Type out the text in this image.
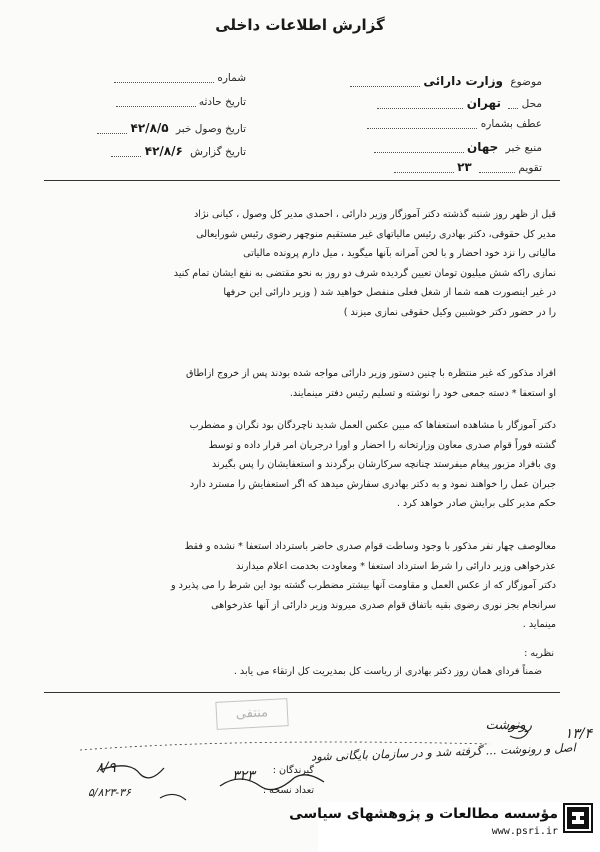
گزارش اطلاعات داخلی
موضوع وزارت دارائی
محل  تهران
عطف بشماره
منبع خبر جهان
تقویم  ۲۳
شماره
تاریخ حادثه
تاریخ وصول خبر ۴۲/۸/۵
تاریخ گزارش ۴۲/۸/۶

قبل از ظهر روز شنبه گذشته دکتر آموزگار وزیر دارائی ، احمدی مدیر کل وصول ، کیانی نژاد

مدیر کل حقوقی، دکتر بهادری رئیس مالیاتهای غیر مستقیم منوچهر رضوی رئیس شورایعالی

مالیاتی را نزد خود احضار و با لحن آمرانه بآنها میگوید ، میل دارم پرونده مالیاتی

نمازی راکه شش میلیون تومان تعیین گردیده شرف دو روز به نحو مقتضی به نفع ایشان تمام کنید

در غیر اینصورت همه شما از شغل فعلی منفصل خواهید شد ( وزیر دارائی این حرفها

را در حضور دکتر خوشبین وکیل حقوقی نمازی میزند )

افراد مذکور که غیر منتظره با چنین دستور وزیر دارائی مواجه شده بودند پس از خروج ازاطاق

او استعفا * دسته جمعی خود را نوشته و تسلیم رئیس دفتر مینمایند.

دکتر آموزگار با مشاهده استعفاها که مبین عکس العمل شدید ناچردگان بود نگران و مضطرب

گشته فوراً قوام صدری معاون وزارتخانه را احضار و اورا درجریان امر قرار داده و توسط

وی بافراد مزبور پیغام میفرستد چنانچه سرکارشان برگردند و استعفایشان را پس بگیرند

جبران عمل را خواهند نمود و به دکتر بهادری سفارش میدهد که اگر استعفایش را مسترد دارد

حکم مدیر کلی برایش صادر خواهد کرد .

معالوصف چهار نفر مذکور با وجود وساطت قوام صدری حاضر باسترداد استعفا * نشده و فقط

عذرخواهی وزیر دارائی را شرط استرداد استعفا * ومعاودت بخدمت اعلام میدارند

دکتر آموزگار که از عکس العمل و مقاومت آنها بیشتر مضطرب گشته بود این شرط را می پذیرد و

سرانجام بجز نوری رضوی بقیه باتفاق قوام صدری میروند وزیر دارائی از آنها عذرخواهی

مینماید .

نظریه :
ضمناً فردای همان روز دکتر بهادری از ریاست کل بمدیریت کل ارتقاء می یابد .
منتفی
رونوشت
۱۳/۴
اصل و رونوشت ... گرفته شد و در سازمان بایگانی شود
۸/۹
۵/۸۲۳-۳۶
۳۲۳ گیرندگان :
تعداد نسخه :
مؤسسه مطالعات و پژوهشهای سیاسی
www.psri.ir
